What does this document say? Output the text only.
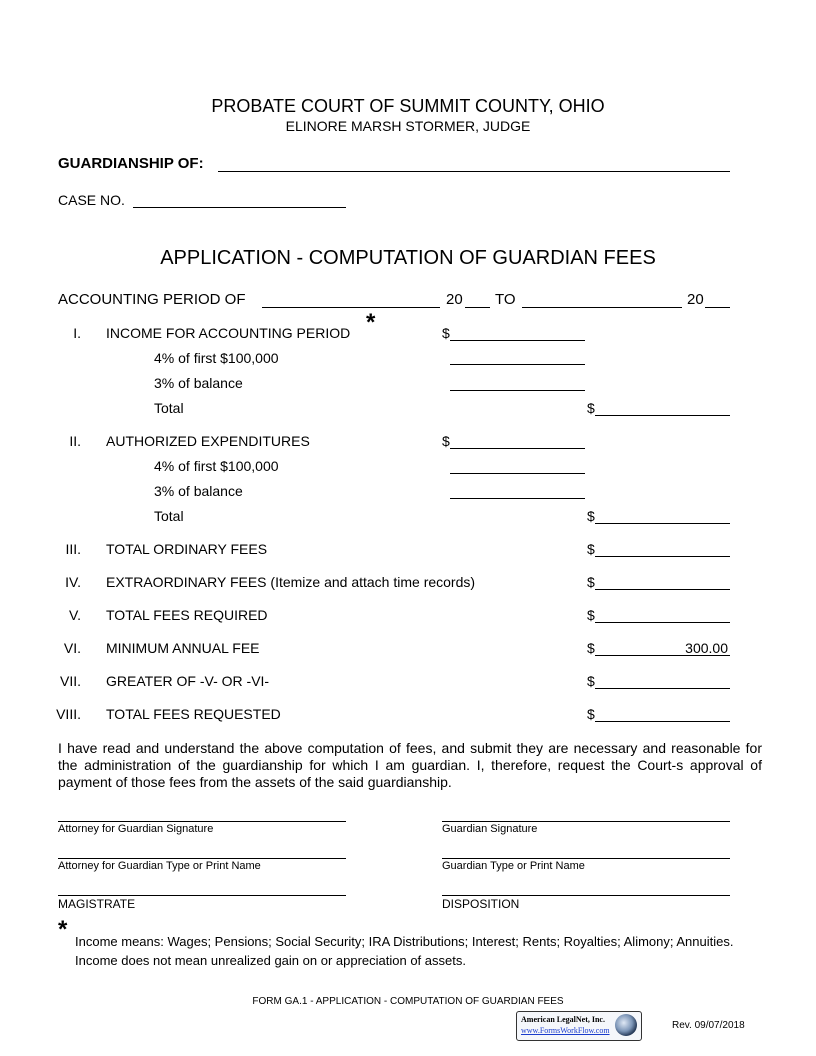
PROBATE COURT OF SUMMIT COUNTY, OHIO
ELINORE MARSH STORMER, JUDGE
GUARDIANSHIP OF:
CASE NO.
APPLICATION - COMPUTATION OF GUARDIAN FEES
ACCOUNTING PERIOD OF	20 TO	20
I. INCOME FOR ACCOUNTING PERIOD *	$
4% of first $100,000
3% of balance
Total	$
II. AUTHORIZED EXPENDITURES	$
4% of first $100,000
3% of balance
Total	$
III. TOTAL ORDINARY FEES	$
IV. EXTRAORDINARY FEES (Itemize and attach time records)	$
V. TOTAL FEES REQUIRED	$
VI. MINIMUM ANNUAL FEE	$	300.00
VII. GREATER OF -V- OR -VI-	$
VIII. TOTAL FEES REQUESTED	$
I have read and understand the above computation of fees, and submit they are necessary and reasonable for the administration of the guardianship for which I am guardian. I, therefore, request the Court-s approval of payment of those fees from the assets of the said guardianship.
Attorney for Guardian Signature	Guardian Signature
Attorney for Guardian Type or Print Name	Guardian Type or Print Name
MAGISTRATE	DISPOSITION
* Income means: Wages; Pensions; Social Security; IRA Distributions; Interest; Rents; Royalties; Alimony; Annuities.
Income does not mean unrealized gain on or appreciation of assets.
FORM GA.1 - APPLICATION - COMPUTATION OF GUARDIAN FEES
American LegalNet, Inc.
www.FormsWorkFlow.com	Rev. 09/07/2018
